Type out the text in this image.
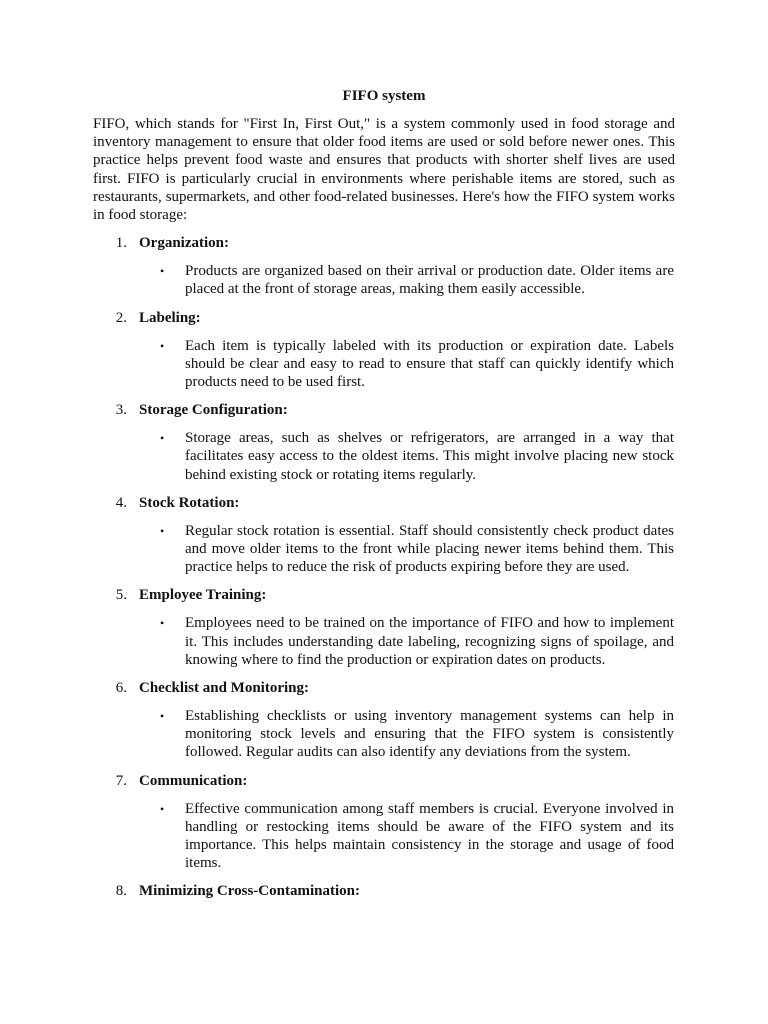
FIFO system

FIFO, which stands for "First In, First Out," is a system commonly used in food storage and inventory management to ensure that older food items are used or sold before newer ones. This practice helps prevent food waste and ensures that products with shorter shelf lives are used first. FIFO is particularly crucial in environments where perishable items are stored, such as restaurants, supermarkets, and other food-related businesses. Here's how the FIFO system works in food storage:

1. Organization:
•	Products are organized based on their arrival or production date. Older items are placed at the front of storage areas, making them easily accessible.
2. Labeling:
•	Each item is typically labeled with its production or expiration date. Labels should be clear and easy to read to ensure that staff can quickly identify which products need to be used first.
3. Storage Configuration:
•	Storage areas, such as shelves or refrigerators, are arranged in a way that facilitates easy access to the oldest items. This might involve placing new stock behind existing stock or rotating items regularly.
4. Stock Rotation:
•	Regular stock rotation is essential. Staff should consistently check product dates and move older items to the front while placing newer items behind them. This practice helps to reduce the risk of products expiring before they are used.
5. Employee Training:
•	Employees need to be trained on the importance of FIFO and how to implement it. This includes understanding date labeling, recognizing signs of spoilage, and knowing where to find the production or expiration dates on products.
6. Checklist and Monitoring:
•	Establishing checklists or using inventory management systems can help in monitoring stock levels and ensuring that the FIFO system is consistently followed. Regular audits can also identify any deviations from the system.
7. Communication:
•	Effective communication among staff members is crucial. Everyone involved in handling or restocking items should be aware of the FIFO system and its importance. This helps maintain consistency in the storage and usage of food items.
8. Minimizing Cross-Contamination:
